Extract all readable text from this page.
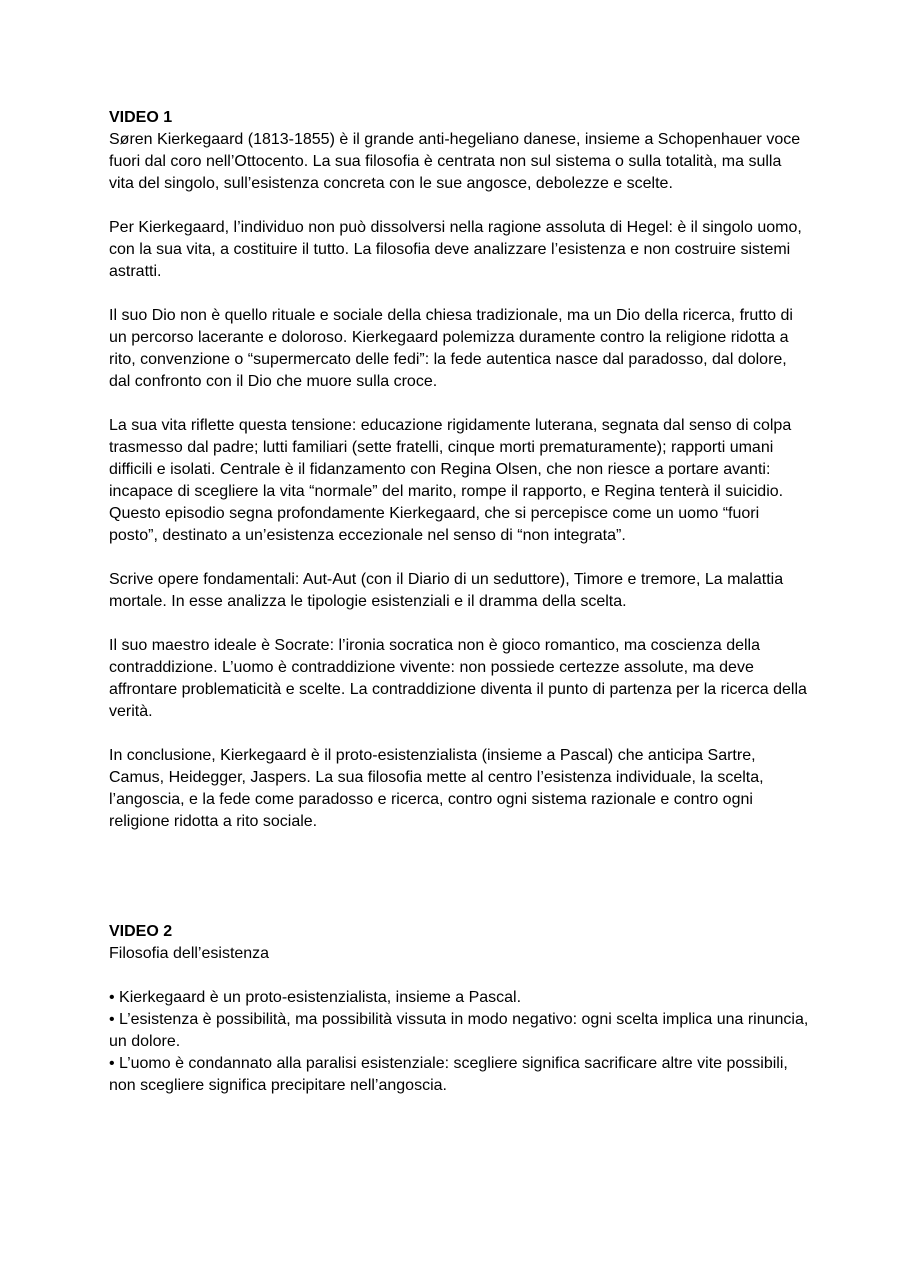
VIDEO 1

Søren Kierkegaard (1813‑1855) è il grande anti‑hegeliano danese, insieme a Schopenhauer voce fuori dal coro nell’Ottocento. La sua filosofia è centrata non sul sistema o sulla totalità, ma sulla vita del singolo, sull’esistenza concreta con le sue angosce, debolezze e scelte.

Per Kierkegaard, l’individuo non può dissolversi nella ragione assoluta di Hegel: è il singolo uomo, con la sua vita, a costituire il tutto. La filosofia deve analizzare l’esistenza e non costruire sistemi astratti.

Il suo Dio non è quello rituale e sociale della chiesa tradizionale, ma un Dio della ricerca, frutto di un percorso lacerante e doloroso. Kierkegaard polemizza duramente contro la religione ridotta a rito, convenzione o “supermercato delle fedi”: la fede autentica nasce dal paradosso, dal dolore, dal confronto con il Dio che muore sulla croce.

La sua vita riflette questa tensione: educazione rigidamente luterana, segnata dal senso di colpa trasmesso dal padre; lutti familiari (sette fratelli, cinque morti prematuramente); rapporti umani difficili e isolati. Centrale è il fidanzamento con Regina Olsen, che non riesce a portare avanti: incapace di scegliere la vita “normale” del marito, rompe il rapporto, e Regina tenterà il suicidio. Questo episodio segna profondamente Kierkegaard, che si percepisce come un uomo “fuori posto”, destinato a un’esistenza eccezionale nel senso di “non integrata”.

Scrive opere fondamentali: Aut‑Aut (con il Diario di un seduttore), Timore e tremore, La malattia mortale. In esse analizza le tipologie esistenziali e il dramma della scelta.

Il suo maestro ideale è Socrate: l’ironia socratica non è gioco romantico, ma coscienza della contraddizione. L’uomo è contraddizione vivente: non possiede certezze assolute, ma deve affrontare problematicità e scelte. La contraddizione diventa il punto di partenza per la ricerca della verità.

In conclusione, Kierkegaard è il proto‑esistenzialista (insieme a Pascal) che anticipa Sartre, Camus, Heidegger, Jaspers. La sua filosofia mette al centro l’esistenza individuale, la scelta, l’angoscia, e la fede come paradosso e ricerca, contro ogni sistema razionale e contro ogni religione ridotta a rito sociale.

VIDEO 2

Filosofia dell’esistenza

• Kierkegaard è un proto‑esistenzialista, insieme a Pascal.
• L’esistenza è possibilità, ma possibilità vissuta in modo negativo: ogni scelta implica una rinuncia, un dolore.
• L’uomo è condannato alla paralisi esistenziale: scegliere significa sacrificare altre vite possibili, non scegliere significa precipitare nell’angoscia.
